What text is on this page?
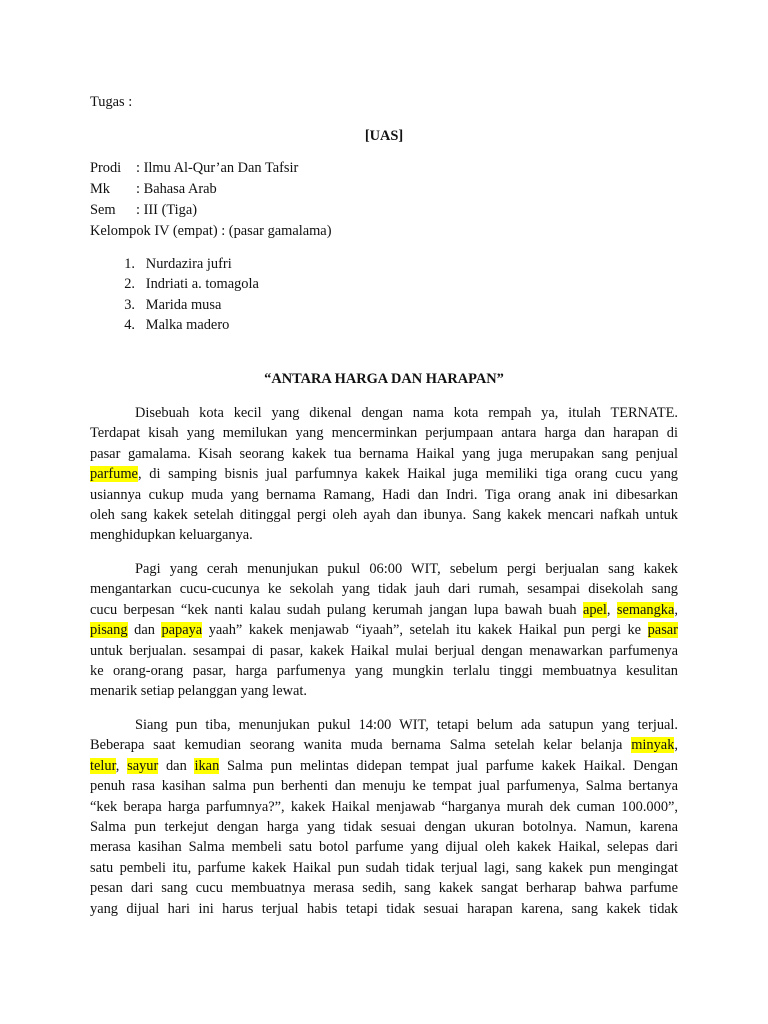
Tugas :
[UAS]
Prodi : Ilmu Al-Qur’an Dan Tafsir
Mk : Bahasa Arab
Sem : III (Tiga)
Kelompok IV (empat) : (pasar gamalama)
1. Nurdazira jufri
2. Indriati a. tomagola
3. Marida musa
4. Malka madero
“ANTARA HARGA DAN HARAPAN”
Disebuah kota kecil yang dikenal dengan nama kota rempah ya, itulah TERNATE.
Terdapat kisah yang memilukan yang mencerminkan perjumpaan antara harga dan harapan di
pasar gamalama. Kisah seorang kakek tua bernama Haikal yang juga merupakan sang penjual
parfume, di samping bisnis jual parfumnya kakek Haikal juga memiliki tiga orang cucu yang
usiannya cukup muda yang bernama Ramang, Hadi dan Indri. Tiga orang anak ini dibesarkan
oleh sang kakek setelah ditinggal pergi oleh ayah dan ibunya. Sang kakek mencari nafkah untuk
menghidupkan keluarganya.
Pagi yang cerah menunjukan pukul 06:00 WIT, sebelum pergi berjualan sang kakek
mengantarkan cucu-cucunya ke sekolah yang tidak jauh dari rumah, sesampai disekolah sang
cucu berpesan “kek nanti kalau sudah pulang kerumah jangan lupa bawah buah apel, semangka,
pisang dan papaya yaah” kakek menjawab “iyaah”, setelah itu kakek Haikal pun pergi ke pasar
untuk berjualan. sesampai di pasar, kakek Haikal mulai berjual dengan menawarkan parfumenya
ke orang-orang pasar, harga parfumenya yang mungkin terlalu tinggi membuatnya kesulitan
menarik setiap pelanggan yang lewat.
Siang pun tiba, menunjukan pukul 14:00 WIT, tetapi belum ada satupun yang terjual.
Beberapa saat kemudian seorang wanita muda bernama Salma setelah kelar belanja minyak,
telur, sayur dan ikan Salma pun melintas didepan tempat jual parfume kakek Haikal. Dengan
penuh rasa kasihan salma pun berhenti dan menuju ke tempat jual parfumenya, Salma bertanya
“kek berapa harga parfumnya?”, kakek Haikal menjawab “harganya murah dek cuman 100.000”,
Salma pun terkejut dengan harga yang tidak sesuai dengan ukuran botolnya. Namun, karena
merasa kasihan Salma membeli satu botol parfume yang dijual oleh kakek Haikal, selepas dari
satu pembeli itu, parfume kakek Haikal pun sudah tidak terjual lagi, sang kakek pun mengingat
pesan dari sang cucu membuatnya merasa sedih, sang kakek sangat berharap bahwa parfume
yang dijual hari ini harus terjual habis tetapi tidak sesuai harapan karena, sang kakek tidak
